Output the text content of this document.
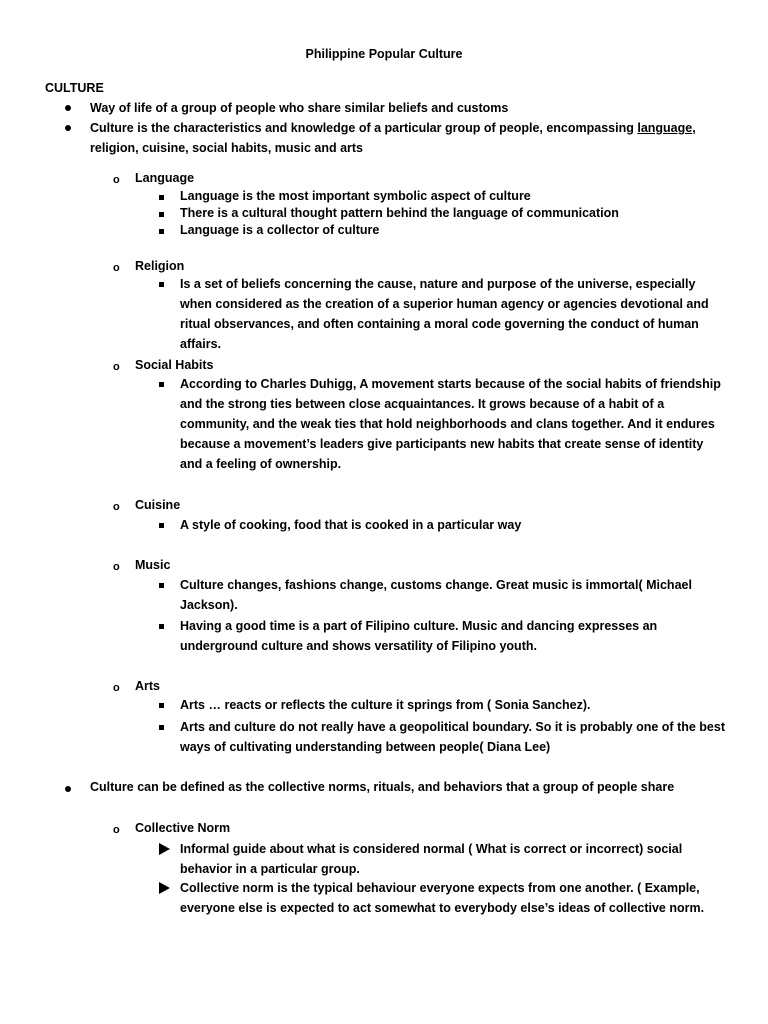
Philippine Popular Culture
CULTURE
Way of life of a group of people who share similar beliefs and customs
Culture is the characteristics and knowledge of a particular group of people, encompassing language, religion, cuisine, social habits, music and arts
o Language
Language is the most important symbolic aspect of culture
There is a cultural thought pattern behind the language of communication
Language is a collector of culture
o Religion
Is a set of beliefs concerning the cause, nature and purpose of the universe, especially when considered as the creation of a superior human agency or agencies devotional and ritual observances, and often containing a moral code governing the conduct of human affairs.
o Social Habits
According to Charles Duhigg, A movement starts because of the social habits of friendship and the strong ties between close acquaintances. It grows because of a habit of a community, and the weak ties that hold neighborhoods and clans together. And it endures because a movement’s leaders give participants new habits that create sense of identity and a feeling of ownership.
o Cuisine
A style of cooking, food that is cooked in a particular way
o Music
Culture changes, fashions change, customs change. Great music is immortal( Michael Jackson).
Having a good time is a part of Filipino culture. Music and dancing expresses an underground culture and shows versatility of Filipino youth.
o Arts
Arts … reacts or reflects the culture it springs from ( Sonia Sanchez).
Arts and culture do not really have a geopolitical boundary. So it is probably one of the best ways of cultivating understanding between people( Diana Lee)
Culture can be defined as the collective norms, rituals, and behaviors that a group of people share
o Collective Norm
Informal guide about what is considered normal ( What is correct or incorrect) social behavior in a particular group.
Collective norm is the typical behaviour everyone expects from one another. ( Example, everyone else is expected to act somewhat to everybody else’s ideas of collective norm.
